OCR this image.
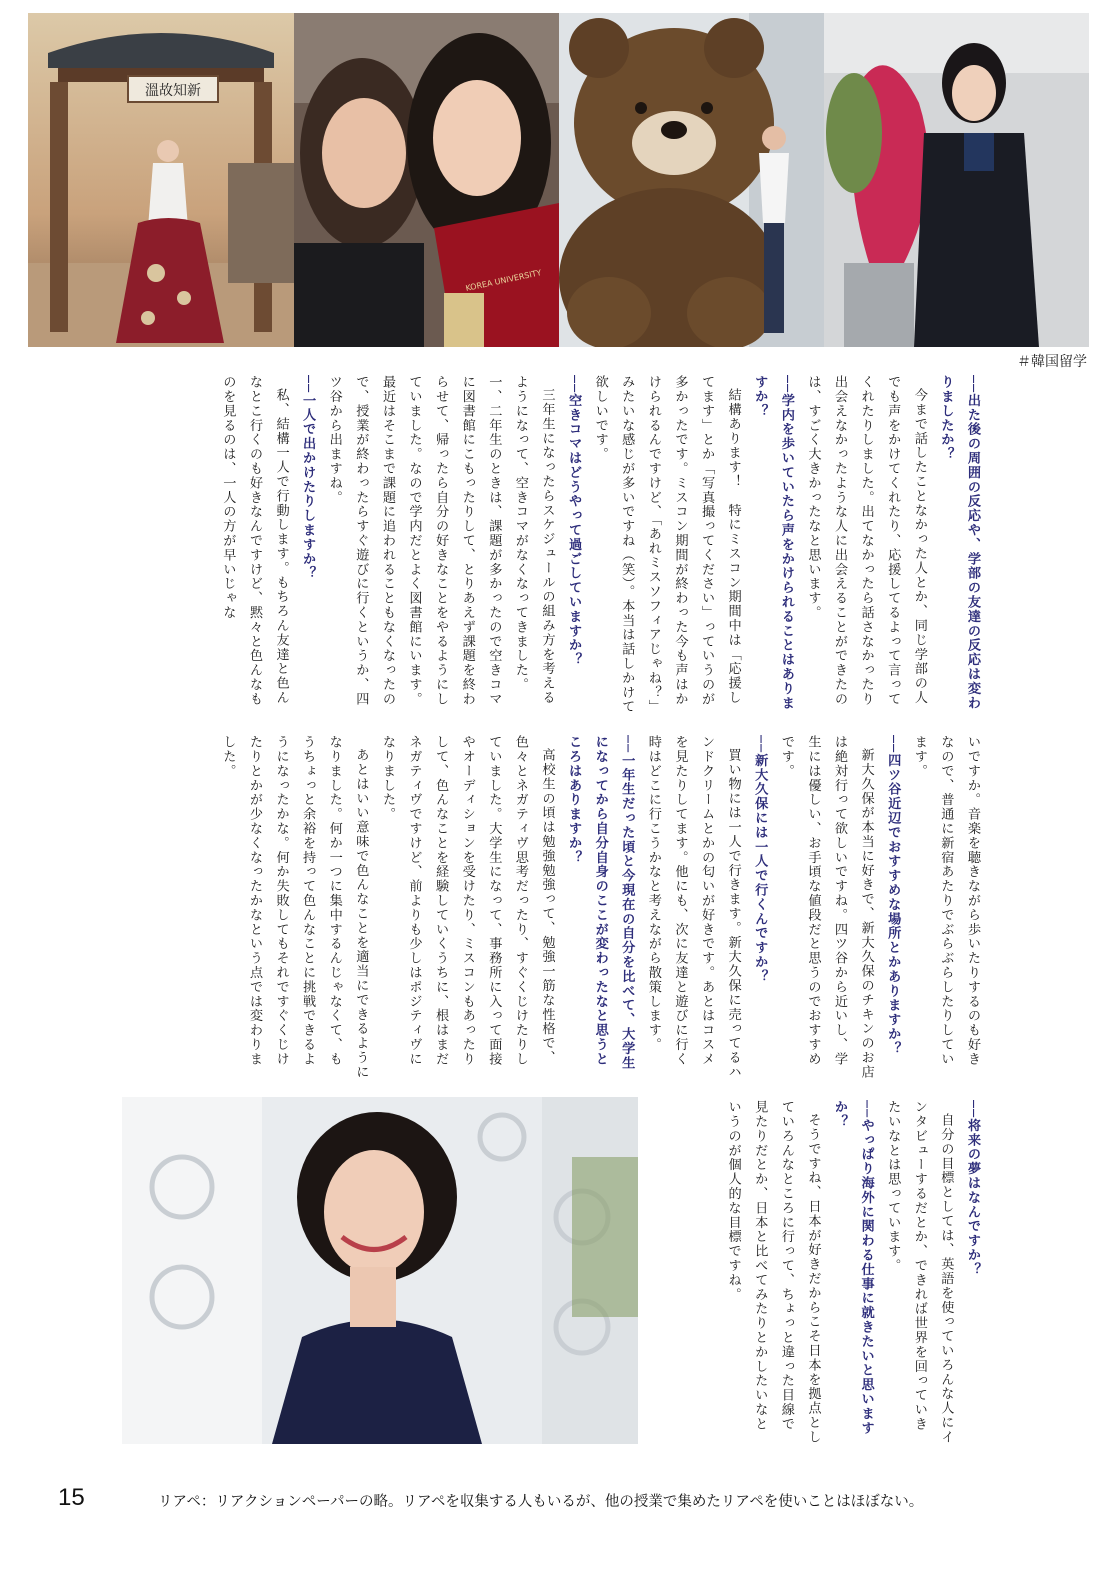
溫故知新
KOREA UNIVERSITY
＃韓国留学

──出た後の周囲の反応や、学部の友達の反応は変わりましたか？

今まで話したことなかった人とか、同じ学部の人でも声をかけてくれたり、応援してるよって言ってくれたりしました。出てなかったら話さなかったり出会えなかったような人に出会えることができたのは、すごく大きかったなと思います。

──学内を歩いていたら声をかけられることはありますか？

結構あります！　特にミスコン期間中は「応援してます」とか「写真撮ってください」っていうのが多かったです。ミスコン期間が終わった今も声はかけられるんですけど、「あれミスソフィアじゃね？」みたいな感じが多いですね（笑）。本当は話しかけて欲しいです。

──空きコマはどうやって過ごしていますか？

三年生になったらスケジュールの組み方を考えるようになって、空きコマがなくなってきました。一、二年生のときは、課題が多かったので空きコマに図書館にこもったりして、とりあえず課題を終わらせて、帰ったら自分の好きなことをやるようにしていました。なので学内だとよく図書館にいます。最近はそこまで課題に追われることもなくなったので、授業が終わったらすぐ遊びに行くというか、四ツ谷から出ますね。

──一人で出かけたりしますか？

私、結構一人で行動します。もちろん友達と色んなとこ行くのも好きなんですけど、黙々と色んなものを見るのは、一人の方が早いじゃな

いですか。音楽を聴きながら歩いたりするのも好きなので、普通に新宿あたりでぶらぶらしたりしています。

──四ツ谷近辺でおすすめな場所とかありますか？

新大久保が本当に好きで、新大久保のチキンのお店は絶対行って欲しいですね。四ツ谷から近いし、学生には優しい、お手頃な値段だと思うのでおすすめです。

──新大久保には一人で行くんですか？

買い物には一人で行きます。新大久保に売ってるハンドクリームとかの匂いが好きです。あとはコスメを見たりしてます。他にも、次に友達と遊びに行く時はどこに行こうかなと考えながら散策します。

──一年生だった頃と今現在の自分を比べて、大学生になってから自分自身のここが変わったなと思うところはありますか？

高校生の頃は勉強勉強って、勉強一筋な性格で、色々とネガティヴ思考だったり、すぐくじけたりしていました。大学生になって、事務所に入って面接やオーディションを受けたり、ミスコンもあったりして、色んなことを経験していくうちに、根はまだネガティヴですけど、前よりも少しはポジティヴになりました。

あとはいい意味で色んなことを適当にできるようになりました。何か一つに集中するんじゃなくて、もうちょっと余裕を持って色んなことに挑戦できるようになったかな。何か失敗してもそれですぐくじけたりとかが少なくなったかなという点では変わりました。

──将来の夢はなんですか？

自分の目標としては、英語を使っていろんな人にインタビューするだとか、できれば世界を回っていきたいなとは思っています。

──やっぱり海外に関わる仕事に就きたいと思いますか？

そうですね、日本が好きだからこそ日本を拠点としていろんなところに行って、ちょっと違った目線で見たりだとか、日本と比べてみたりとかしたいなというのが個人的な目標ですね。

15	リアペ：リアクションペーパーの略。リアペを収集する人もいるが、他の授業で集めたリアペを使いことはほぼない。
